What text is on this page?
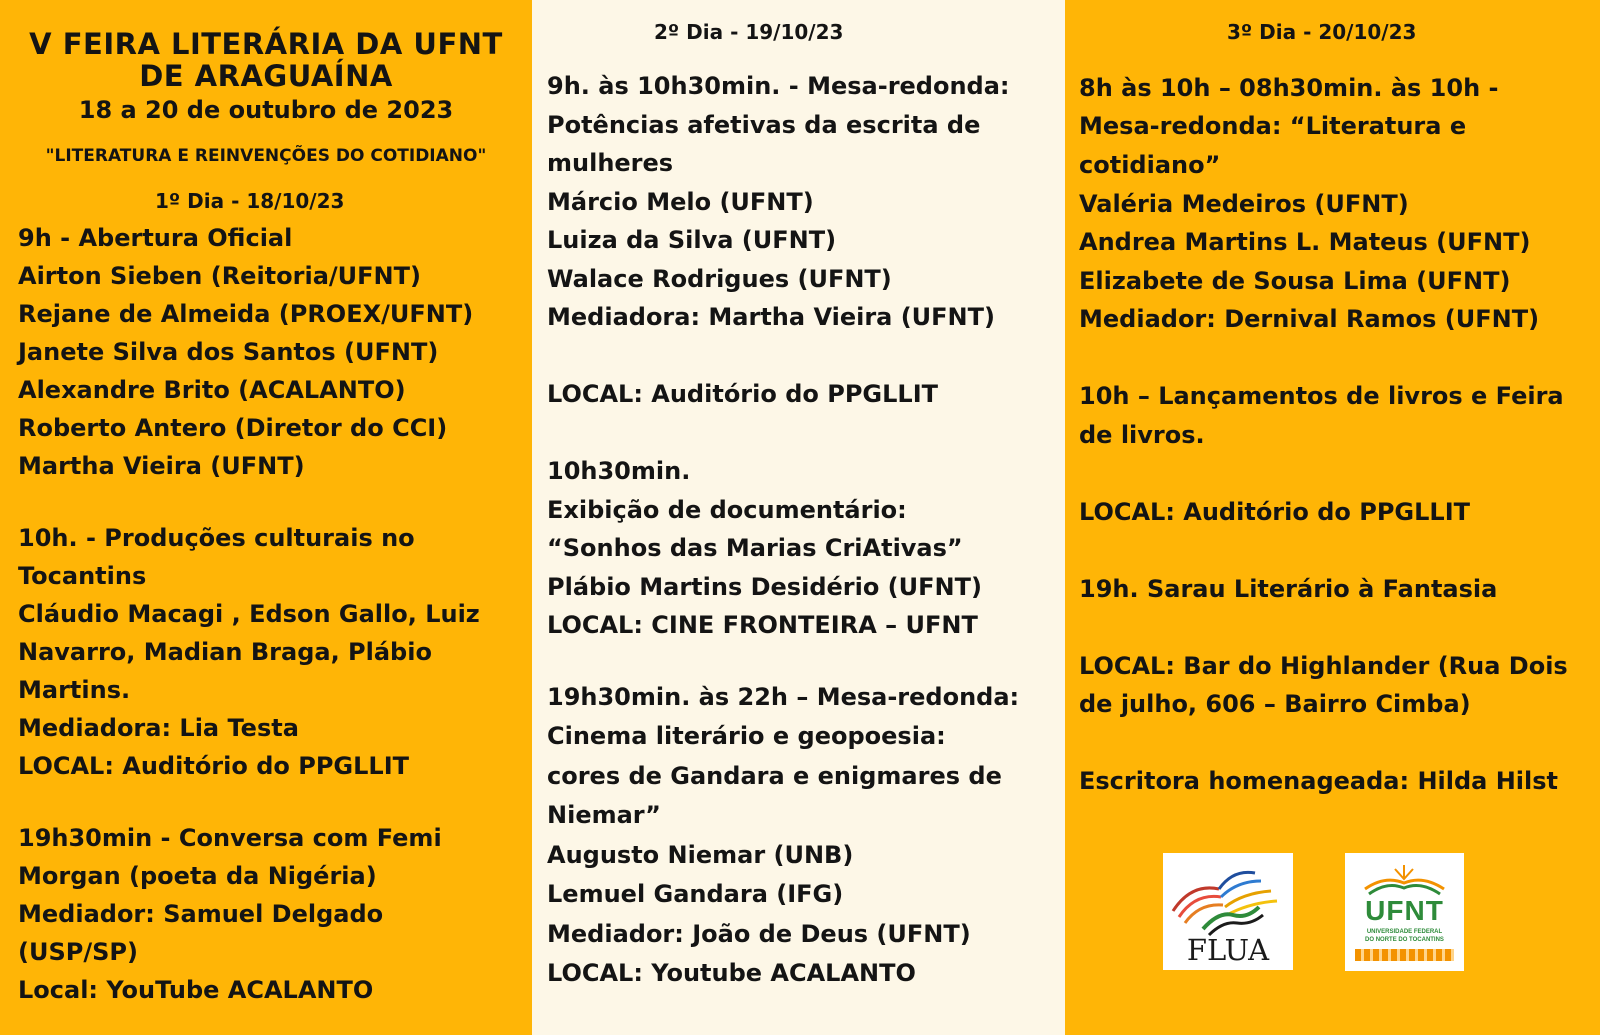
V FEIRA LITERÁRIA DA UFNT
DE ARAGUAÍNA
18 a 20 de outubro de 2023
"LITERATURA E REINVENÇÕES DO COTIDIANO"
1º Dia - 18/10/23
9h - Abertura Oficial
Airton Sieben (Reitoria/UFNT)
Rejane de Almeida (PROEX/UFNT)
Janete Silva dos Santos (UFNT)
Alexandre Brito (ACALANTO)
Roberto Antero (Diretor do CCI)
Martha Vieira (UFNT)
10h. - Produções culturais no
Tocantins
Cláudio Macagi , Edson Gallo, Luiz
Navarro, Madian Braga, Plábio
Martins.
Mediadora: Lia Testa
LOCAL: Auditório do PPGLLIT
19h30min - Conversa com Femi
Morgan (poeta da Nigéria)
Mediador: Samuel Delgado
(USP/SP)
Local: YouTube ACALANTO
2º Dia - 19/10/23
9h. às 10h30min. - Mesa-redonda:
Potências afetivas da escrita de
mulheres
Márcio Melo (UFNT)
Luiza da Silva (UFNT)
Walace Rodrigues (UFNT)
Mediadora: Martha Vieira (UFNT)
LOCAL: Auditório do PPGLLIT
10h30min.
Exibição de documentário:
“Sonhos das Marias CriAtivas”
Plábio Martins Desidério (UFNT)
LOCAL: CINE FRONTEIRA – UFNT
19h30min. às 22h – Mesa-redonda:
Cinema literário e geopoesia:
cores de Gandara e enigmares de
Niemar”
Augusto Niemar (UNB)
Lemuel Gandara (IFG)
Mediador: João de Deus (UFNT)
LOCAL: Youtube ACALANTO
3º Dia - 20/10/23
8h às 10h – 08h30min. às 10h -
Mesa-redonda: “Literatura e
cotidiano”
Valéria Medeiros (UFNT)
Andrea Martins L. Mateus (UFNT)
Elizabete de Sousa Lima (UFNT)
Mediador: Dernival Ramos (UFNT)
10h – Lançamentos de livros e Feira
de livros.
LOCAL: Auditório do PPGLLIT
19h. Sarau Literário à Fantasia
LOCAL: Bar do Highlander (Rua Dois
de julho, 606 – Bairro Cimba)
Escritora homenageada: Hilda Hilst
FLUA
UFNT
UNIVERSIDADE FEDERAL
DO NORTE DO TOCANTINS
